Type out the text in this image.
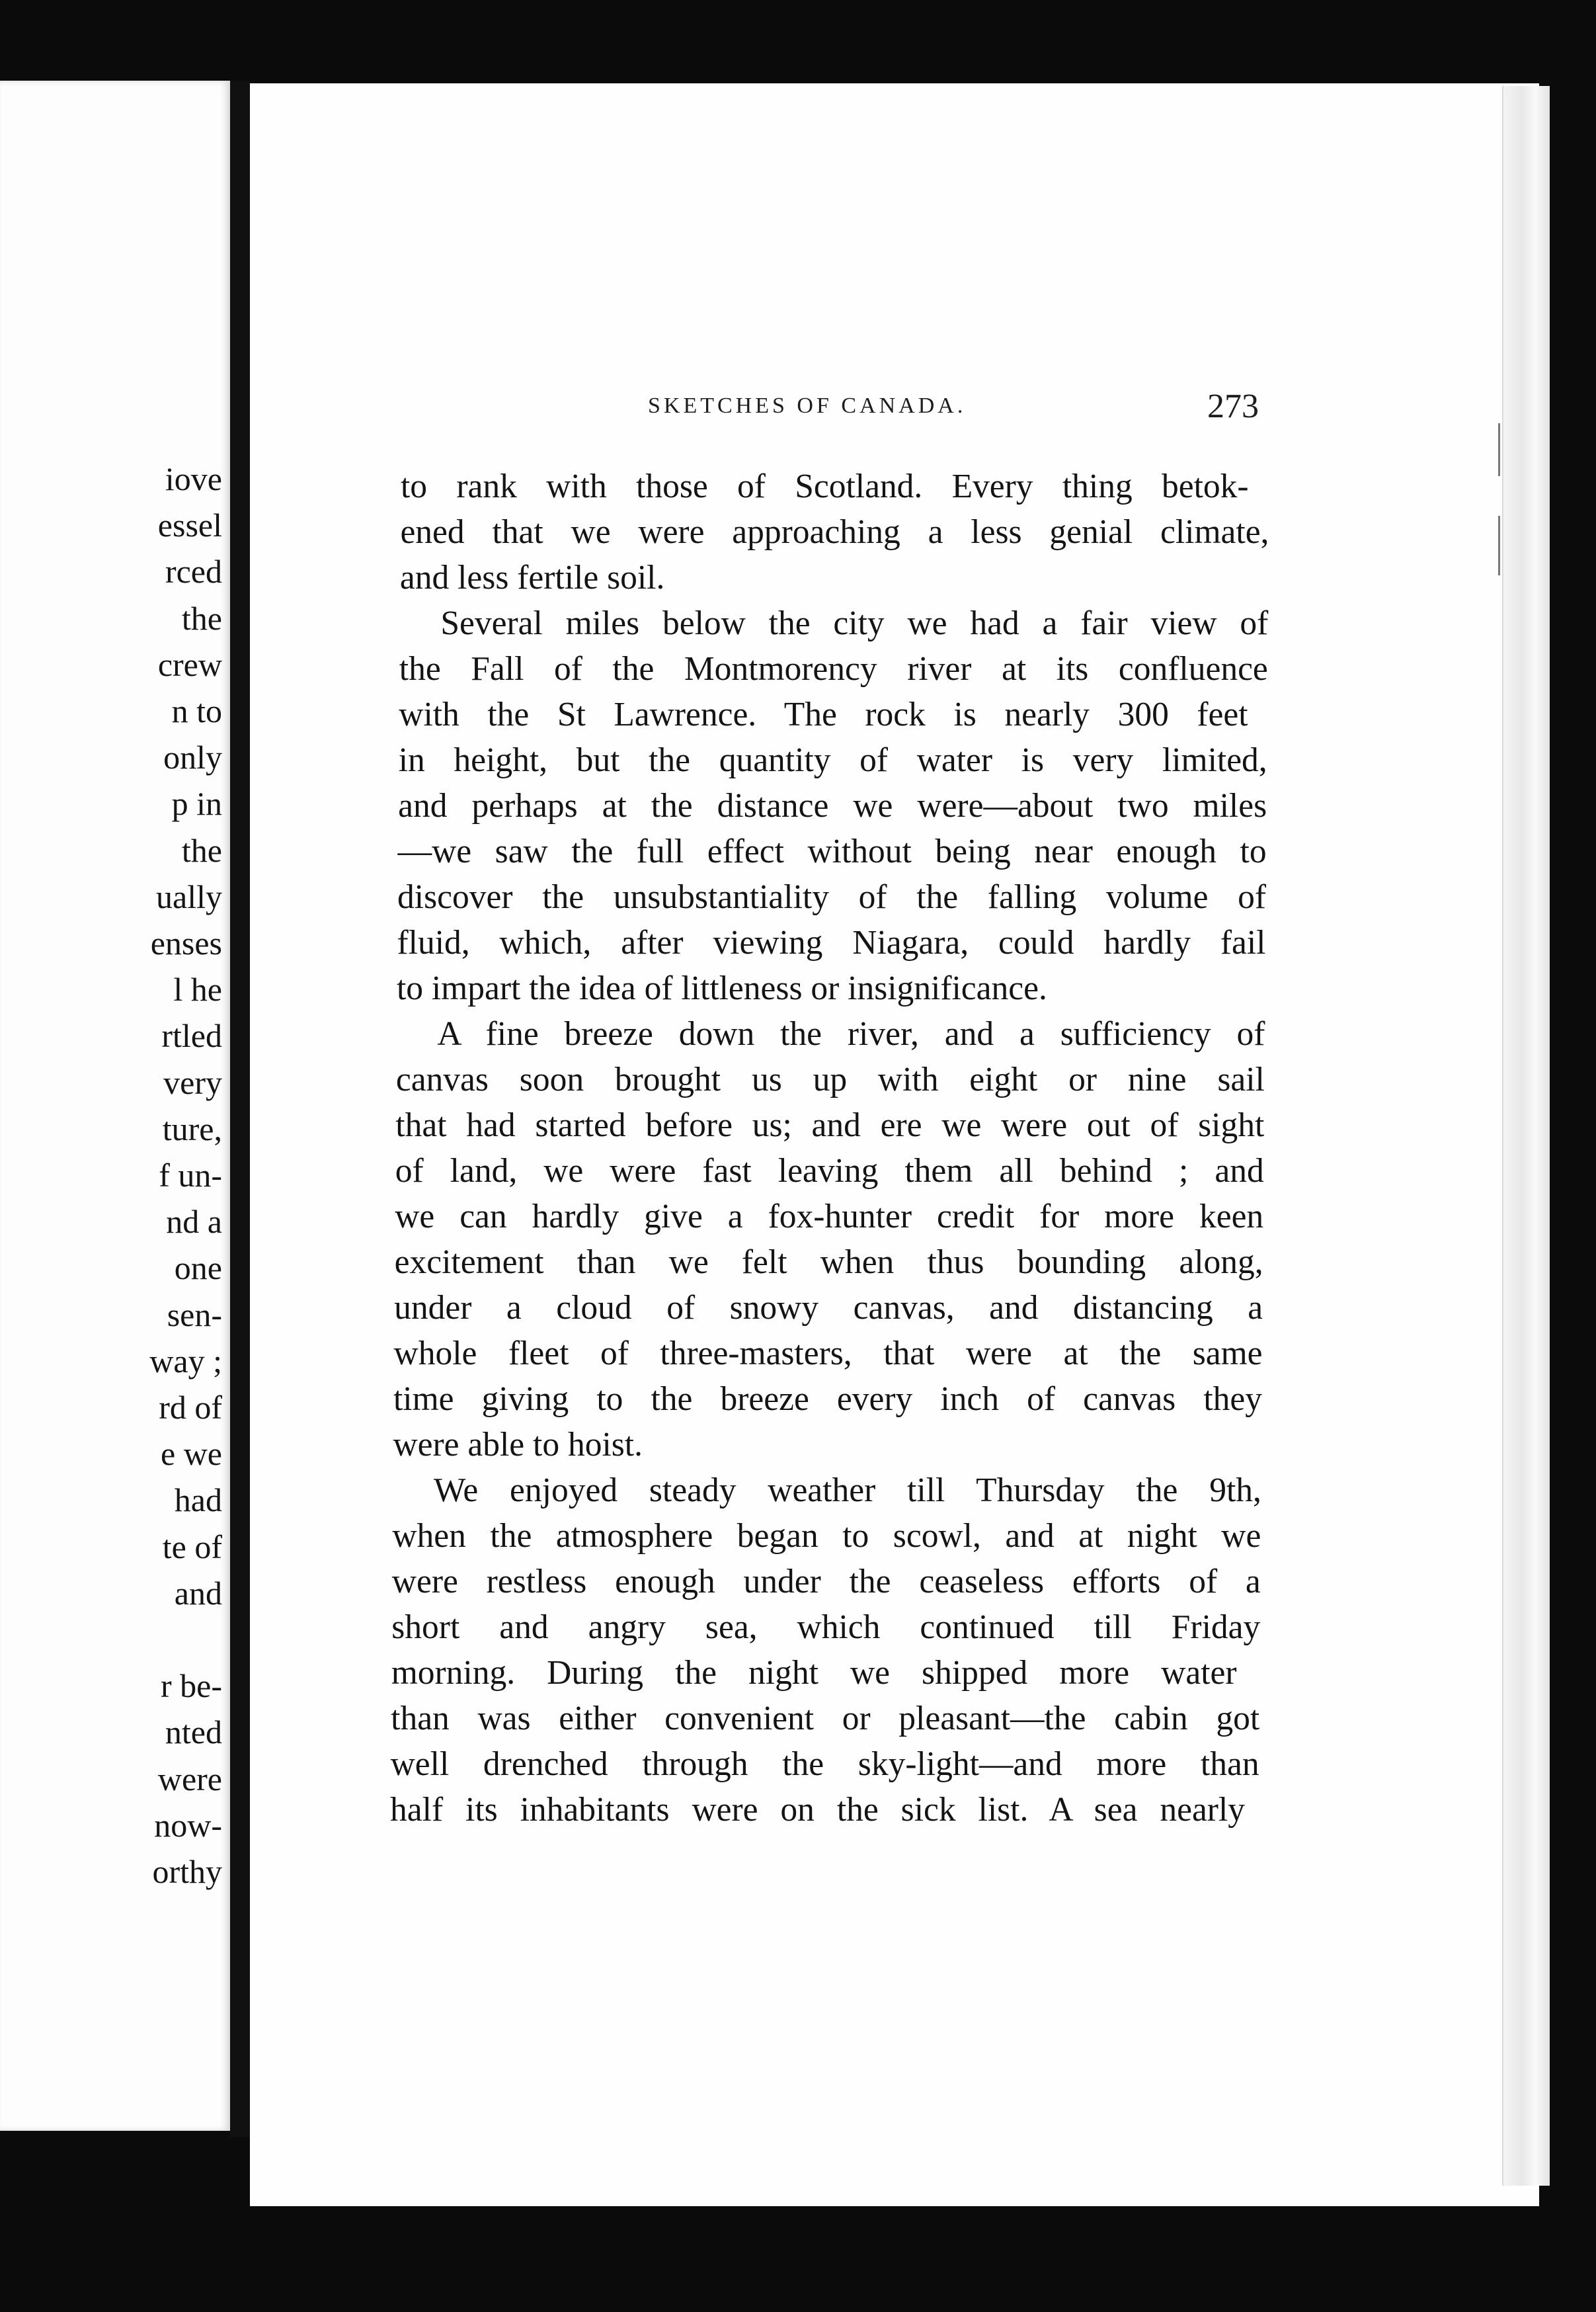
iove
essel
rced
the
crew
n to
only
p in
the
ually
enses
l he
rtled
very
ture,
f un-
nd a
one
sen-
way ;
rd of
e we
had
te of
and
r be-
nted
were
now-
orthy
SKETCHES OF CANADA.	273
to rank with those of Scotland. Every thing betok-
ened that we were approaching a less genial climate,
and less fertile soil.
Several miles below the city we had a fair view of
the Fall of the Montmorency river at its confluence
with the St Lawrence. The rock is nearly 300 feet
in height, but the quantity of water is very limited,
and perhaps at the distance we were—about two miles
—we saw the full effect without being near enough to
discover the unsubstantiality of the falling volume of
fluid, which, after viewing Niagara, could hardly fail
to impart the idea of littleness or insignificance.
A fine breeze down the river, and a sufficiency of
canvas soon brought us up with eight or nine sail
that had started before us; and ere we were out of sight
of land, we were fast leaving them all behind ; and
we can hardly give a fox-hunter credit for more keen
excitement than we felt when thus bounding along,
under a cloud of snowy canvas, and distancing a
whole fleet of three-masters, that were at the same
time giving to the breeze every inch of canvas they
were able to hoist.
We enjoyed steady weather till Thursday the 9th,
when the atmosphere began to scowl, and at night we
were restless enough under the ceaseless efforts of a
short and angry sea, which continued till Friday
morning. During the night we shipped more water
than was either convenient or pleasant—the cabin got
well drenched through the sky-light—and more than
half its inhabitants were on the sick list. A sea nearly
